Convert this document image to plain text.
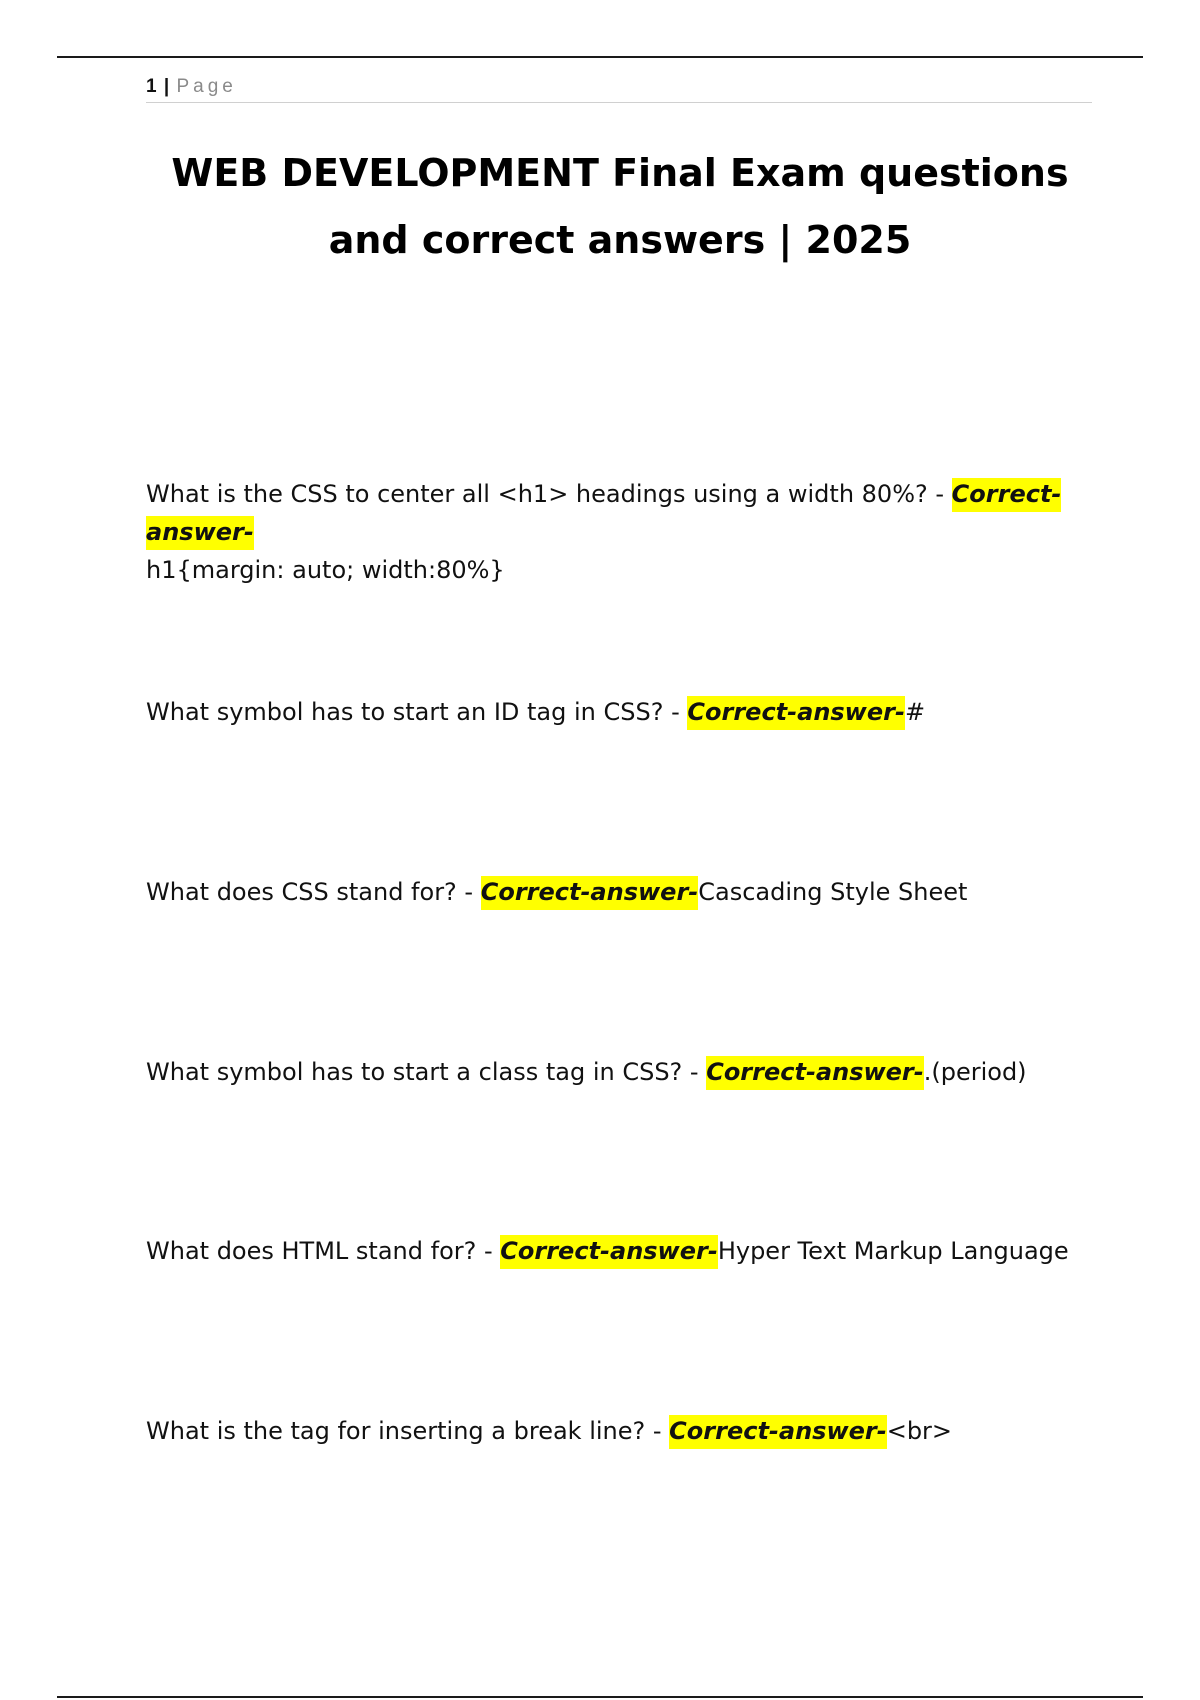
1 | Page
WEB DEVELOPMENT Final Exam questions
and correct answers | 2025

What is the CSS to center all <h1> headings using a width 80%? - Correct-answer-
h1{margin: auto; width:80%}

What symbol has to start an ID tag in CSS? - Correct-answer-#

What does CSS stand for? - Correct-answer-Cascading Style Sheet

What symbol has to start a class tag in CSS? - Correct-answer-.(period)

What does HTML stand for? - Correct-answer-Hyper Text Markup Language

What is the tag for inserting a break line? - Correct-answer-<br>
